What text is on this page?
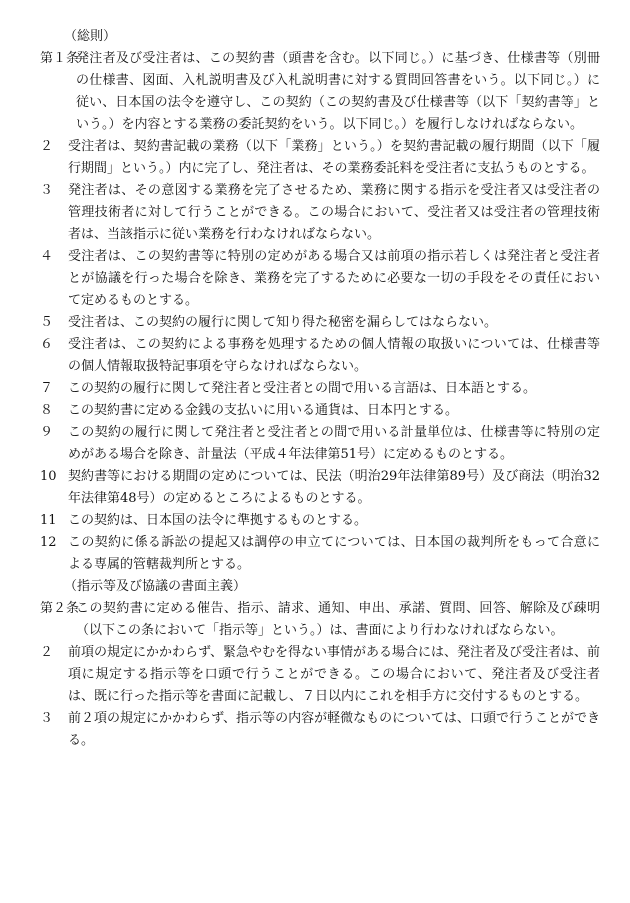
（総則）
第１条
発注者及び受注者は、この契約書（頭書を含む。以下同じ。）に基づき、仕様書等（別冊の仕様書、図面、入札説明書及び入札説明書に対する質問回答書をいう。以下同じ。）に従い、日本国の法令を遵守し、この契約（この契約書及び仕様書等（以下「契約書等」という。）を内容とする業務の委託契約をいう。以下同じ。）を履行しなければならない。
２ 受注者は、契約書記載の業務（以下「業務」という。）を契約書記載の履行期間（以下「履行期間」という。）内に完了し、発注者は、その業務委託料を受注者に支払うものとする。
３ 発注者は、その意図する業務を完了させるため、業務に関する指示を受注者又は受注者の管理技術者に対して行うことができる。この場合において、受注者又は受注者の管理技術者は、当該指示に従い業務を行わなければならない。
４ 受注者は、この契約書等に特別の定めがある場合又は前項の指示若しくは発注者と受注者とが協議を行った場合を除き、業務を完了するために必要な一切の手段をその責任において定めるものとする。
５ 受注者は、この契約の履行に関して知り得た秘密を漏らしてはならない。
６ 受注者は、この契約による事務を処理するための個人情報の取扱いについては、仕様書等の個人情報取扱特記事項を守らなければならない。
７ この契約の履行に関して発注者と受注者との間で用いる言語は、日本語とする。
８ この契約書に定める金銭の支払いに用いる通貨は、日本円とする。
９ この契約の履行に関して発注者と受注者との間で用いる計量単位は、仕様書等に特別の定めがある場合を除き、計量法（平成４年法律第51号）に定めるものとする。
10 契約書等における期間の定めについては、民法（明治29年法律第89号）及び商法（明治32年法律第48号）の定めるところによるものとする。
11 この契約は、日本国の法令に準拠するものとする。
12 この契約に係る訴訟の提起又は調停の申立てについては、日本国の裁判所をもって合意による専属的管轄裁判所とする。
（指示等及び協議の書面主義）
第２条
この契約書に定める催告、指示、請求、通知、申出、承諾、質問、回答、解除及び疎明（以下この条において「指示等」という。）は、書面により行わなければならない。
２ 前項の規定にかかわらず、緊急やむを得ない事情がある場合には、発注者及び受注者は、前項に規定する指示等を口頭で行うことができる。この場合において、発注者及び受注者は、既に行った指示等を書面に記載し、７日以内にこれを相手方に交付するものとする。
３ 前２項の規定にかかわらず、指示等の内容が軽微なものについては、口頭で行うことができる。
